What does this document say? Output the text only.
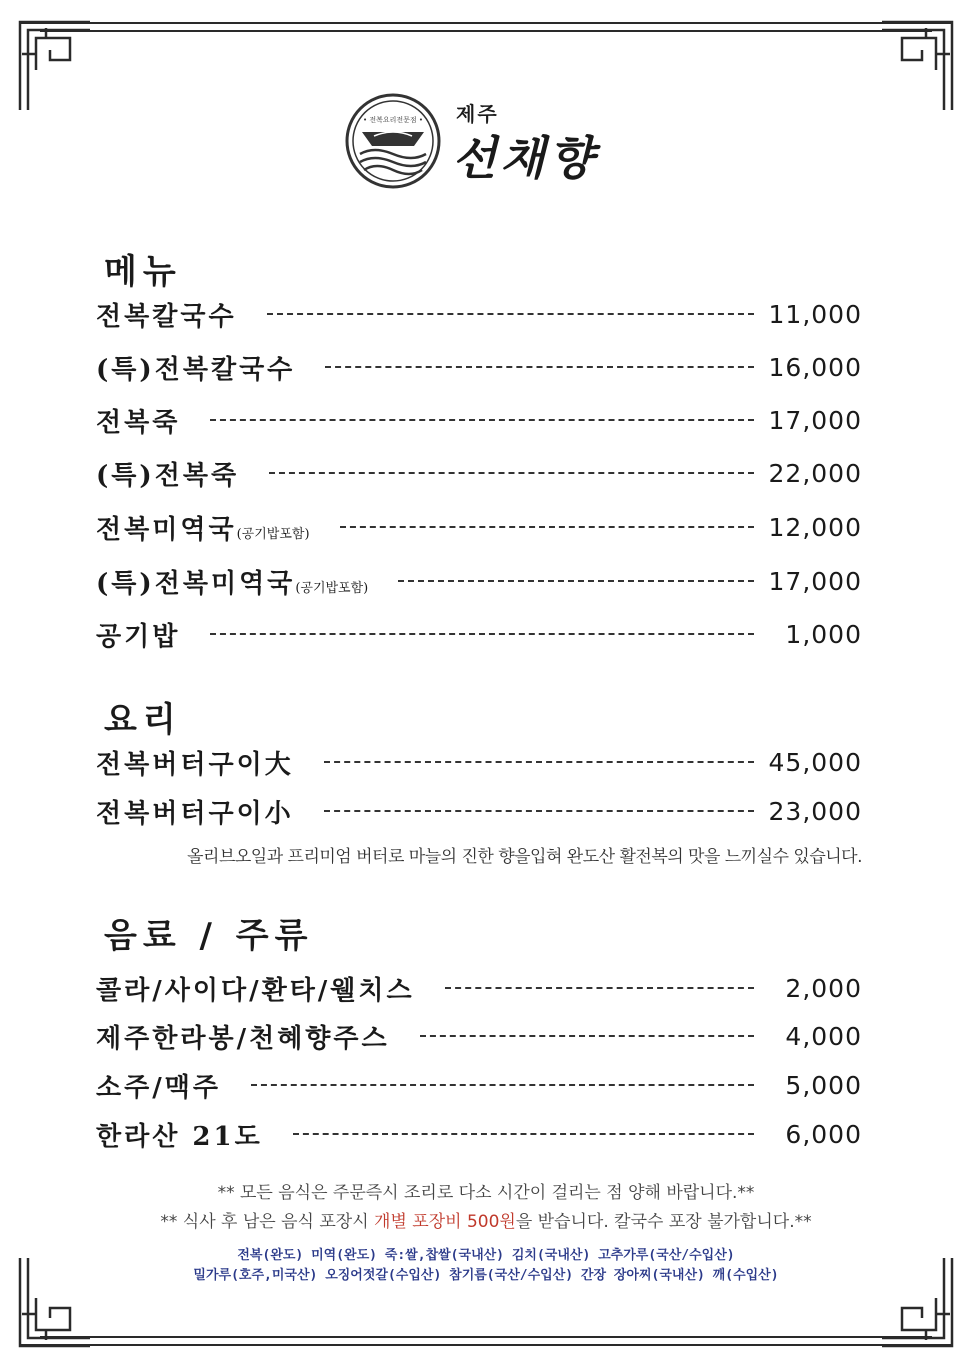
• 전복요리전문점 • 제주
선채향
메뉴
전복칼국수	11,000
(특)전복칼국수	16,000
전복죽	17,000
(특)전복죽	22,000
전복미역국(공기밥포함)	12,000
(특)전복미역국(공기밥포함)	17,000
공기밥	1,000
요리
전복버터구이大	45,000
전복버터구이小	23,000
올리브오일과 프리미엄 버터로 마늘의 진한 향을입혀 완도산 활전복의 맛을 느끼실수 있습니다.
음료 / 주류
콜라/사이다/환타/웰치스	2,000
제주한라봉/천혜향주스	4,000
소주/맥주	5,000
한라산 21도	6,000
** 모든 음식은 주문즉시 조리로 다소 시간이 걸리는 점 양해 바랍니다.**
** 식사 후 남은 음식 포장시 개별 포장비 500원을 받습니다. 칼국수 포장 불가합니다.**
전복(완도) 미역(완도) 죽:쌀,찹쌀(국내산) 김치(국내산) 고추가루(국산/수입산)
밀가루(호주,미국산) 오징어젓갈(수입산) 참기름(국산/수입산) 간장 장아찌(국내산) 깨(수입산)
